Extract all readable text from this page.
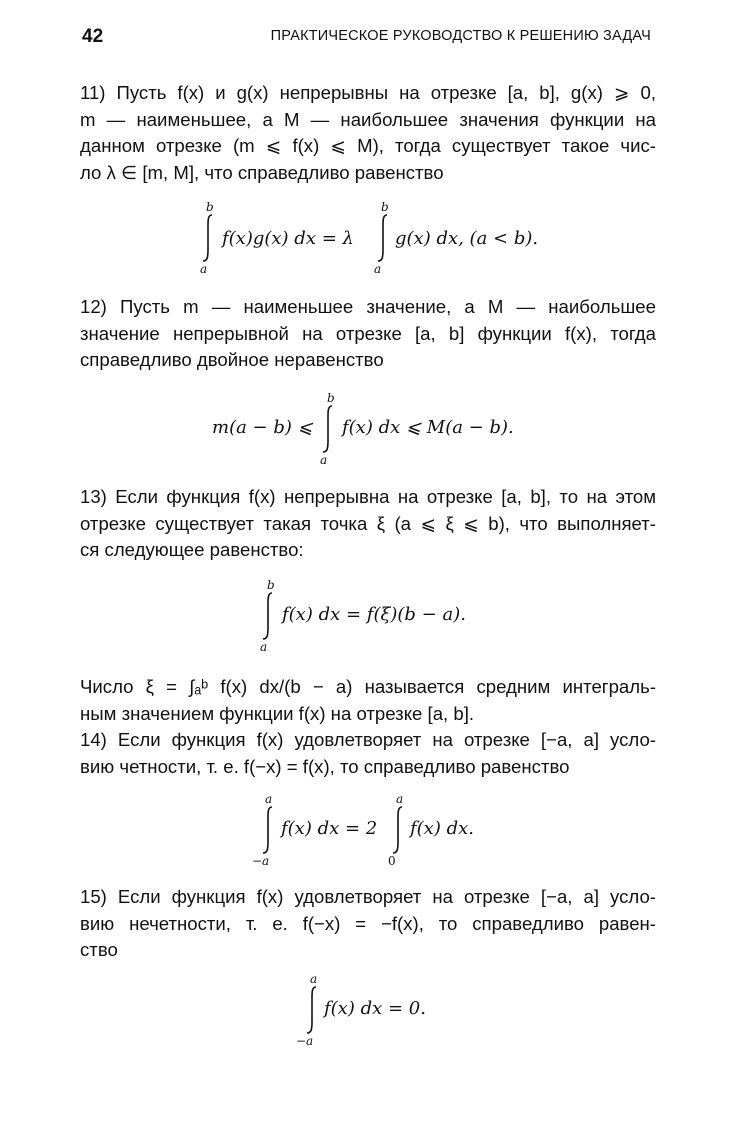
42	ПРАКТИЧЕСКОЕ РУКОВОДСТВО К РЕШЕНИЮ ЗАДАЧ
11) Пусть f(x) и g(x) непрерывны на отрезке [a, b], g(x) ⩾ 0,
m — наименьшее, а M — наибольшее значения функции на
данном отрезке (m ⩽ f(x) ⩽ M), тогда существует такое чис-
ло λ ∈ [m, M], что справедливо равенство
b
a
f(x)g(x) dx = λ
b
a
g(x) dx, (a < b).
12) Пусть m — наименьшее значение, а M — наибольшее
значение непрерывной на отрезке [a, b] функции f(x), тогда
справедливо двойное неравенство
m(a − b) ⩽
b
a
f(x) dx ⩽ M(a − b).
13) Если функция f(x) непрерывна на отрезке [a, b], то на этом
отрезке существует такая точка ξ (a ⩽ ξ ⩽ b), что выполняет-
ся следующее равенство:
b
a
f(x) dx = f(ξ)(b − a).
Число ξ = ∫ₐᵇ f(x) dx/(b − a) называется средним интеграль-
ным значением функции f(x) на отрезке [a, b].
14) Если функция f(x) удовлетворяет на отрезке [−a, a] усло-
вию четности, т. е. f(−x) = f(x), то справедливо равенство
a
−a
f(x) dx = 2
a
0
f(x) dx.
15) Если функция f(x) удовлетворяет на отрезке [−a, a] усло-
вию нечетности, т. е. f(−x) = −f(x), то справедливо равен-
ство
a
−a
f(x) dx = 0.
